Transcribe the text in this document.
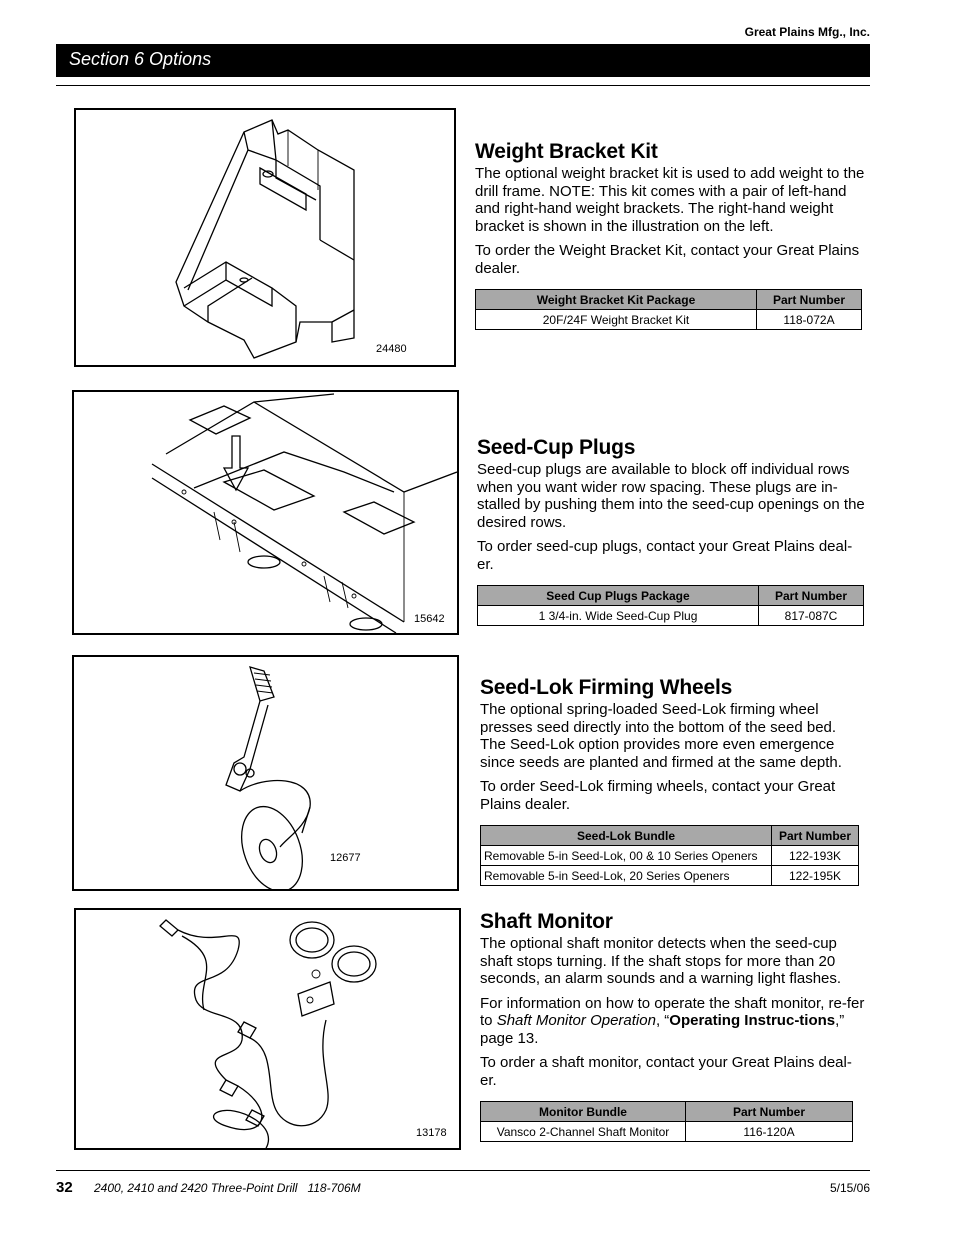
Great Plains Mfg., Inc.
Section 6 Options
24480
Weight Bracket Kit

The optional weight bracket kit is used to add weight to the drill frame. NOTE: This kit comes with a pair of left-hand and right-hand weight brackets. The right-hand weight bracket is shown in the illustration on the left.

To order the Weight Bracket Kit, contact your Great Plains dealer.

Weight Bracket Kit Package	Part Number
20F/24F Weight Bracket Kit	118-072A
15642
Seed-Cup Plugs

Seed-cup plugs are available to block off individual rows when you want wider row spacing. These plugs are in-stalled by pushing them into the seed-cup openings on the desired rows.

To order seed-cup plugs, contact your Great Plains deal-er.

Seed Cup Plugs Package	Part Number
1 3/4-in. Wide Seed-Cup Plug	817-087C
12677
Seed-Lok Firming Wheels

The optional spring-loaded Seed-Lok firming wheel presses seed directly into the bottom of the seed bed. The Seed-Lok option provides more even emergence since seeds are planted and firmed at the same depth.

To order Seed-Lok firming wheels, contact your Great Plains dealer.

Seed-Lok Bundle	Part Number
Removable 5-in Seed-Lok, 00 & 10 Series Openers	122-193K
Removable 5-in Seed-Lok, 20 Series Openers	122-195K
13178
Shaft Monitor

The optional shaft monitor detects when the seed-cup shaft stops turning. If the shaft stops for more than 20 seconds, an alarm sounds and a warning light flashes.

For information on how to operate the shaft monitor, re-fer to Shaft Monitor Operation, “Operating Instruc-tions,” page 13.

To order a shaft monitor, contact your Great Plains deal-er.

Monitor Bundle	Part Number
Vansco 2-Channel Shaft Monitor	116-120A
32 2400, 2410 and 2420 Three-Point Drill   118-706M	5/15/06
